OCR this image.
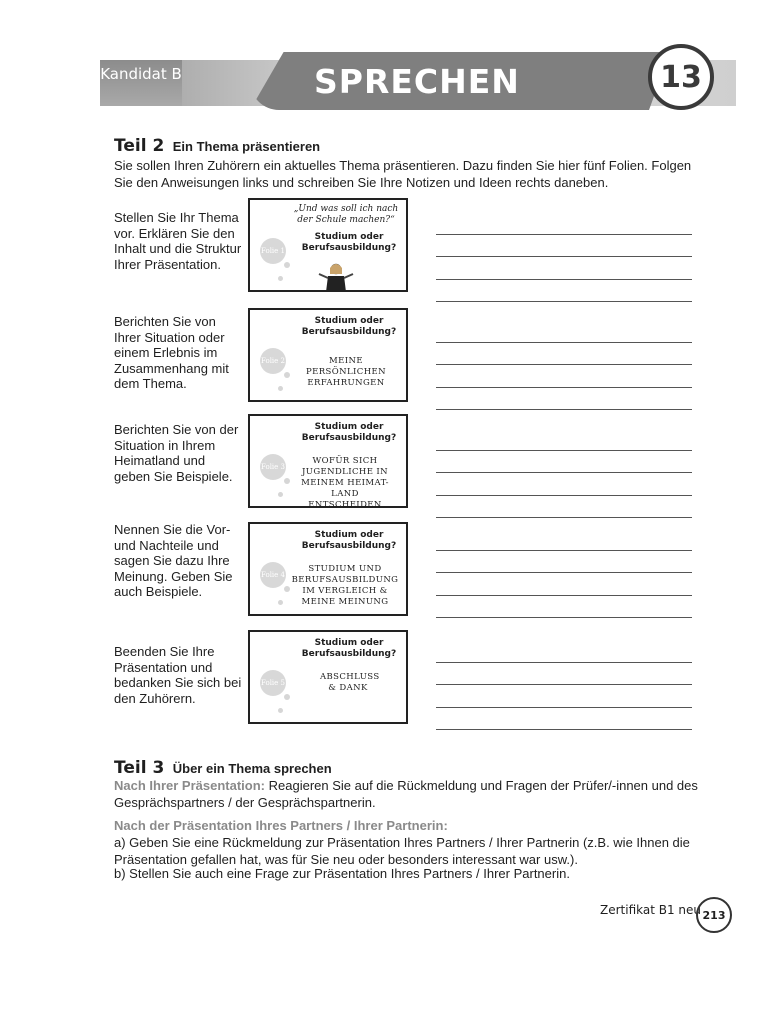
Kandidat B	SPRECHEN	13
Teil 2 Ein Thema präsentieren
Sie sollen Ihren Zuhörern ein aktuelles Thema präsentieren. Dazu finden Sie hier fünf Folien. Folgen Sie den Anweisungen links und schreiben Sie Ihre Notizen und Ideen rechts daneben.
Stellen Sie Ihr Thema vor. Erklären Sie den Inhalt und die Struktur Ihrer Präsentation.
Folie 1
„Und was soll ich nach der Schule machen?“
Studium oder Berufsausbildung?
Berichten Sie von Ihrer Situation oder einem Erlebnis im Zusammenhang mit dem Thema.
Folie 2
Studium oder Berufsausbildung?
MEINE PERSÖNLICHEN ERFAHRUNGEN
Berichten Sie von der Situation in Ihrem Heimatland und geben Sie Beispiele.
Folie 3
Studium oder Berufsausbildung?
WOFÜR SICH JUGENDLICHE IN MEINEM HEIMAT- LAND ENTSCHEIDEN
Nennen Sie die Vor- und Nachteile und sagen Sie dazu Ihre Meinung. Geben Sie auch Beispiele.
Folie 4
Studium oder Berufsausbildung?
STUDIUM UND BERUFSAUSBILDUNG IM VERGLEICH & MEINE MEINUNG
Beenden Sie Ihre Präsentation und bedanken Sie sich bei den Zuhörern.
Folie 5
Studium oder Berufsausbildung?
ABSCHLUSS & DANK
Teil 3 Über ein Thema sprechen
Nach Ihrer Präsentation: Reagieren Sie auf die Rückmeldung und Fragen der Prüfer/-innen und des Gesprächspartners / der Gesprächspartnerin.
Nach der Präsentation Ihres Partners / Ihrer Partnerin:
a) Geben Sie eine Rückmeldung zur Präsentation Ihres Partners / Ihrer Partnerin (z.B. wie Ihnen die Präsentation gefallen hat, was für Sie neu oder besonders interessant war usw.).
b) Stellen Sie auch eine Frage zur Präsentation Ihres Partners / Ihrer Partnerin.
Zertifikat B1 neu 213
